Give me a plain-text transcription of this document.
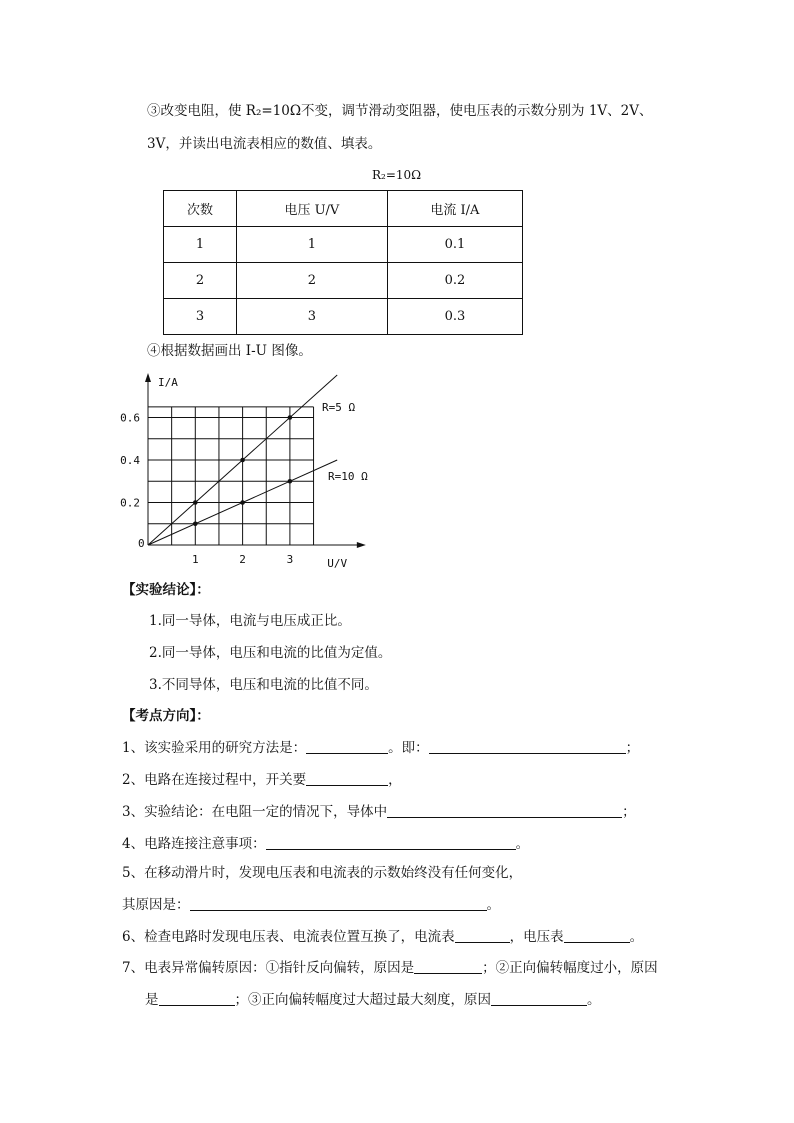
③改变电阻，使 R₂=10Ω不变，调节滑动变阻器，使电压表的示数分别为 1V、2V、
3V，并读出电流表相应的数值、填表。
R₂=10Ω
次数	电压 U/V	电流 I/A
1	1	0.1
2	2	0.2
3	3	0.3
④根据数据画出 I-U 图像。
R=5 Ω
R=10 Ω
1	2	3
0.2
0.4
0.6
0
I/A
U/V
【实验结论】：
1.同一导体，电流与电压成正比。
2.同一导体，电压和电流的比值为定值。
3.不同导体，电压和电流的比值不同。
【考点方向】：
1、该实验采用的研究方法是：	。即：	；
2、电路在连接过程中，开关要	，
3、实验结论：在电阻一定的情况下，导体中	；
4、电路连接注意事项：	。
5、在移动滑片时，发现电压表和电流表的示数始终没有任何变化，
其原因是：	。
6、检查电路时发现电压表、电流表位置互换了，电流表	，电压表	。
7、电表异常偏转原因：①指针反向偏转，原因是	；②正向偏转幅度过小，原因
是	；③正向偏转幅度过大超过最大刻度，原因	。
